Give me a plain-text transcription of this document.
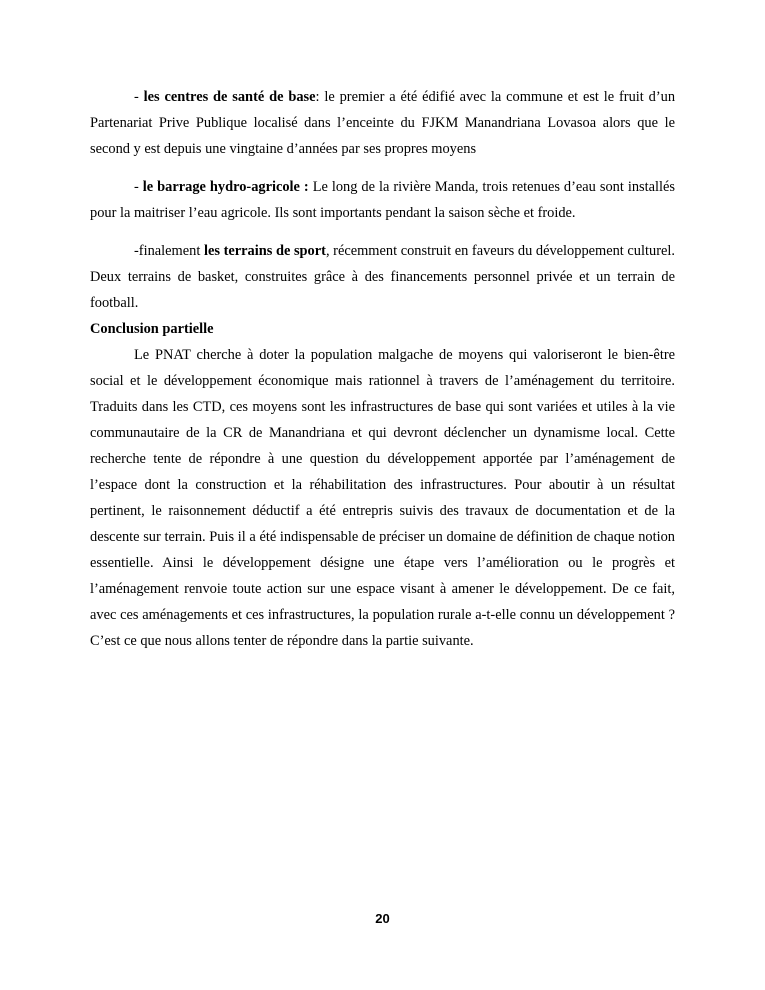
- les centres de santé de base: le premier a été édifié avec la commune et est le fruit d’un Partenariat Prive Publique localisé dans l’enceinte du FJKM Manandriana Lovasoa alors que le second y est depuis une vingtaine d’années par ses propres moyens

- le barrage hydro-agricole : Le long de la rivière Manda, trois retenues d’eau sont installés pour la maitriser l’eau agricole. Ils sont importants pendant la saison sèche et froide.

-finalement les terrains de sport, récemment construit en faveurs du développement culturel. Deux terrains de basket, construites grâce à des financements personnel privée et un terrain de football.

Conclusion partielle

Le PNAT cherche à doter la population malgache de moyens qui valoriseront le bien-être social et le développement économique mais rationnel à travers de l’aménagement du territoire. Traduits dans les CTD, ces moyens sont les infrastructures de base qui sont variées et utiles à la vie communautaire de la CR de Manandriana et qui devront déclencher un dynamisme local. Cette recherche tente de répondre à une question du développement apportée par l’aménagement de l’espace dont la construction et la réhabilitation des infrastructures. Pour aboutir à un résultat pertinent, le raisonnement déductif a été entrepris suivis des travaux de documentation et de la descente sur terrain. Puis il a été indispensable de préciser un domaine de définition de chaque notion essentielle. Ainsi le développement désigne une étape vers l’amélioration ou le progrès et l’aménagement renvoie toute action sur une espace visant à amener le développement. De ce fait, avec ces aménagements et ces infrastructures, la population rurale a-t-elle connu un développement ? C’est ce que nous allons tenter de répondre dans la partie suivante.

20
